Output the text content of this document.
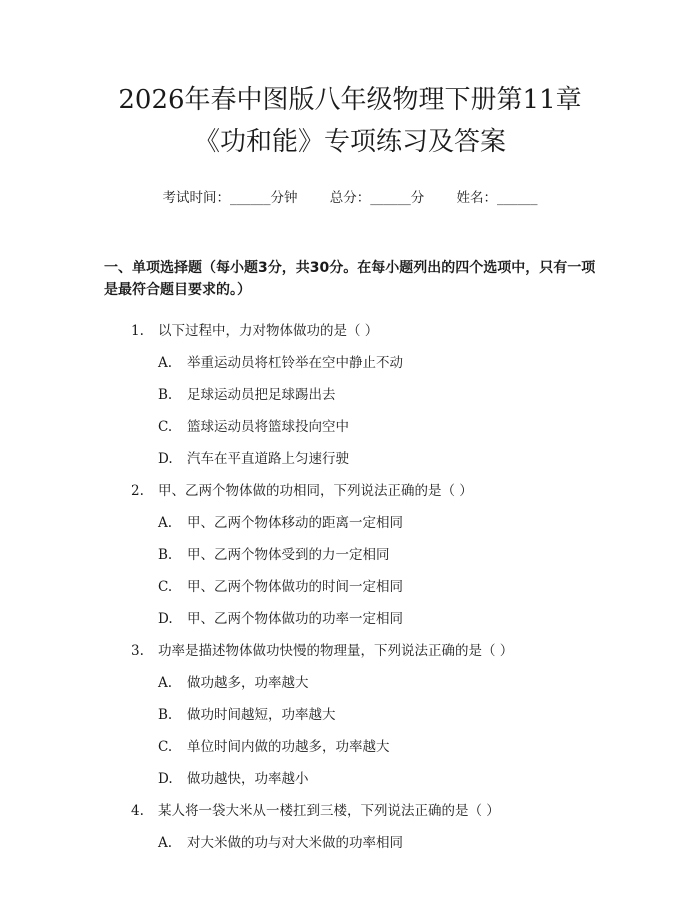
2026年春中图版八年级物理下册第11章
《功和能》专项练习及答案
考试时间：______分钟 总分：______分 姓名：______
一、单项选择题（每小题3分，共30分。在每小题列出的四个选项中，只有一项是最符合题目要求的。）
1. 以下过程中，力对物体做功的是（ ）
A. 举重运动员将杠铃举在空中静止不动
B. 足球运动员把足球踢出去
C. 篮球运动员将篮球投向空中
D. 汽车在平直道路上匀速行驶
2. 甲、乙两个物体做的功相同，下列说法正确的是（ ）
A. 甲、乙两个物体移动的距离一定相同
B. 甲、乙两个物体受到的力一定相同
C. 甲、乙两个物体做功的时间一定相同
D. 甲、乙两个物体做功的功率一定相同
3. 功率是描述物体做功快慢的物理量，下列说法正确的是（ ）
A. 做功越多，功率越大
B. 做功时间越短，功率越大
C. 单位时间内做的功越多，功率越大
D. 做功越快，功率越小
4. 某人将一袋大米从一楼扛到三楼，下列说法正确的是（ ）
A. 对大米做的功与对大米做的功率相同
